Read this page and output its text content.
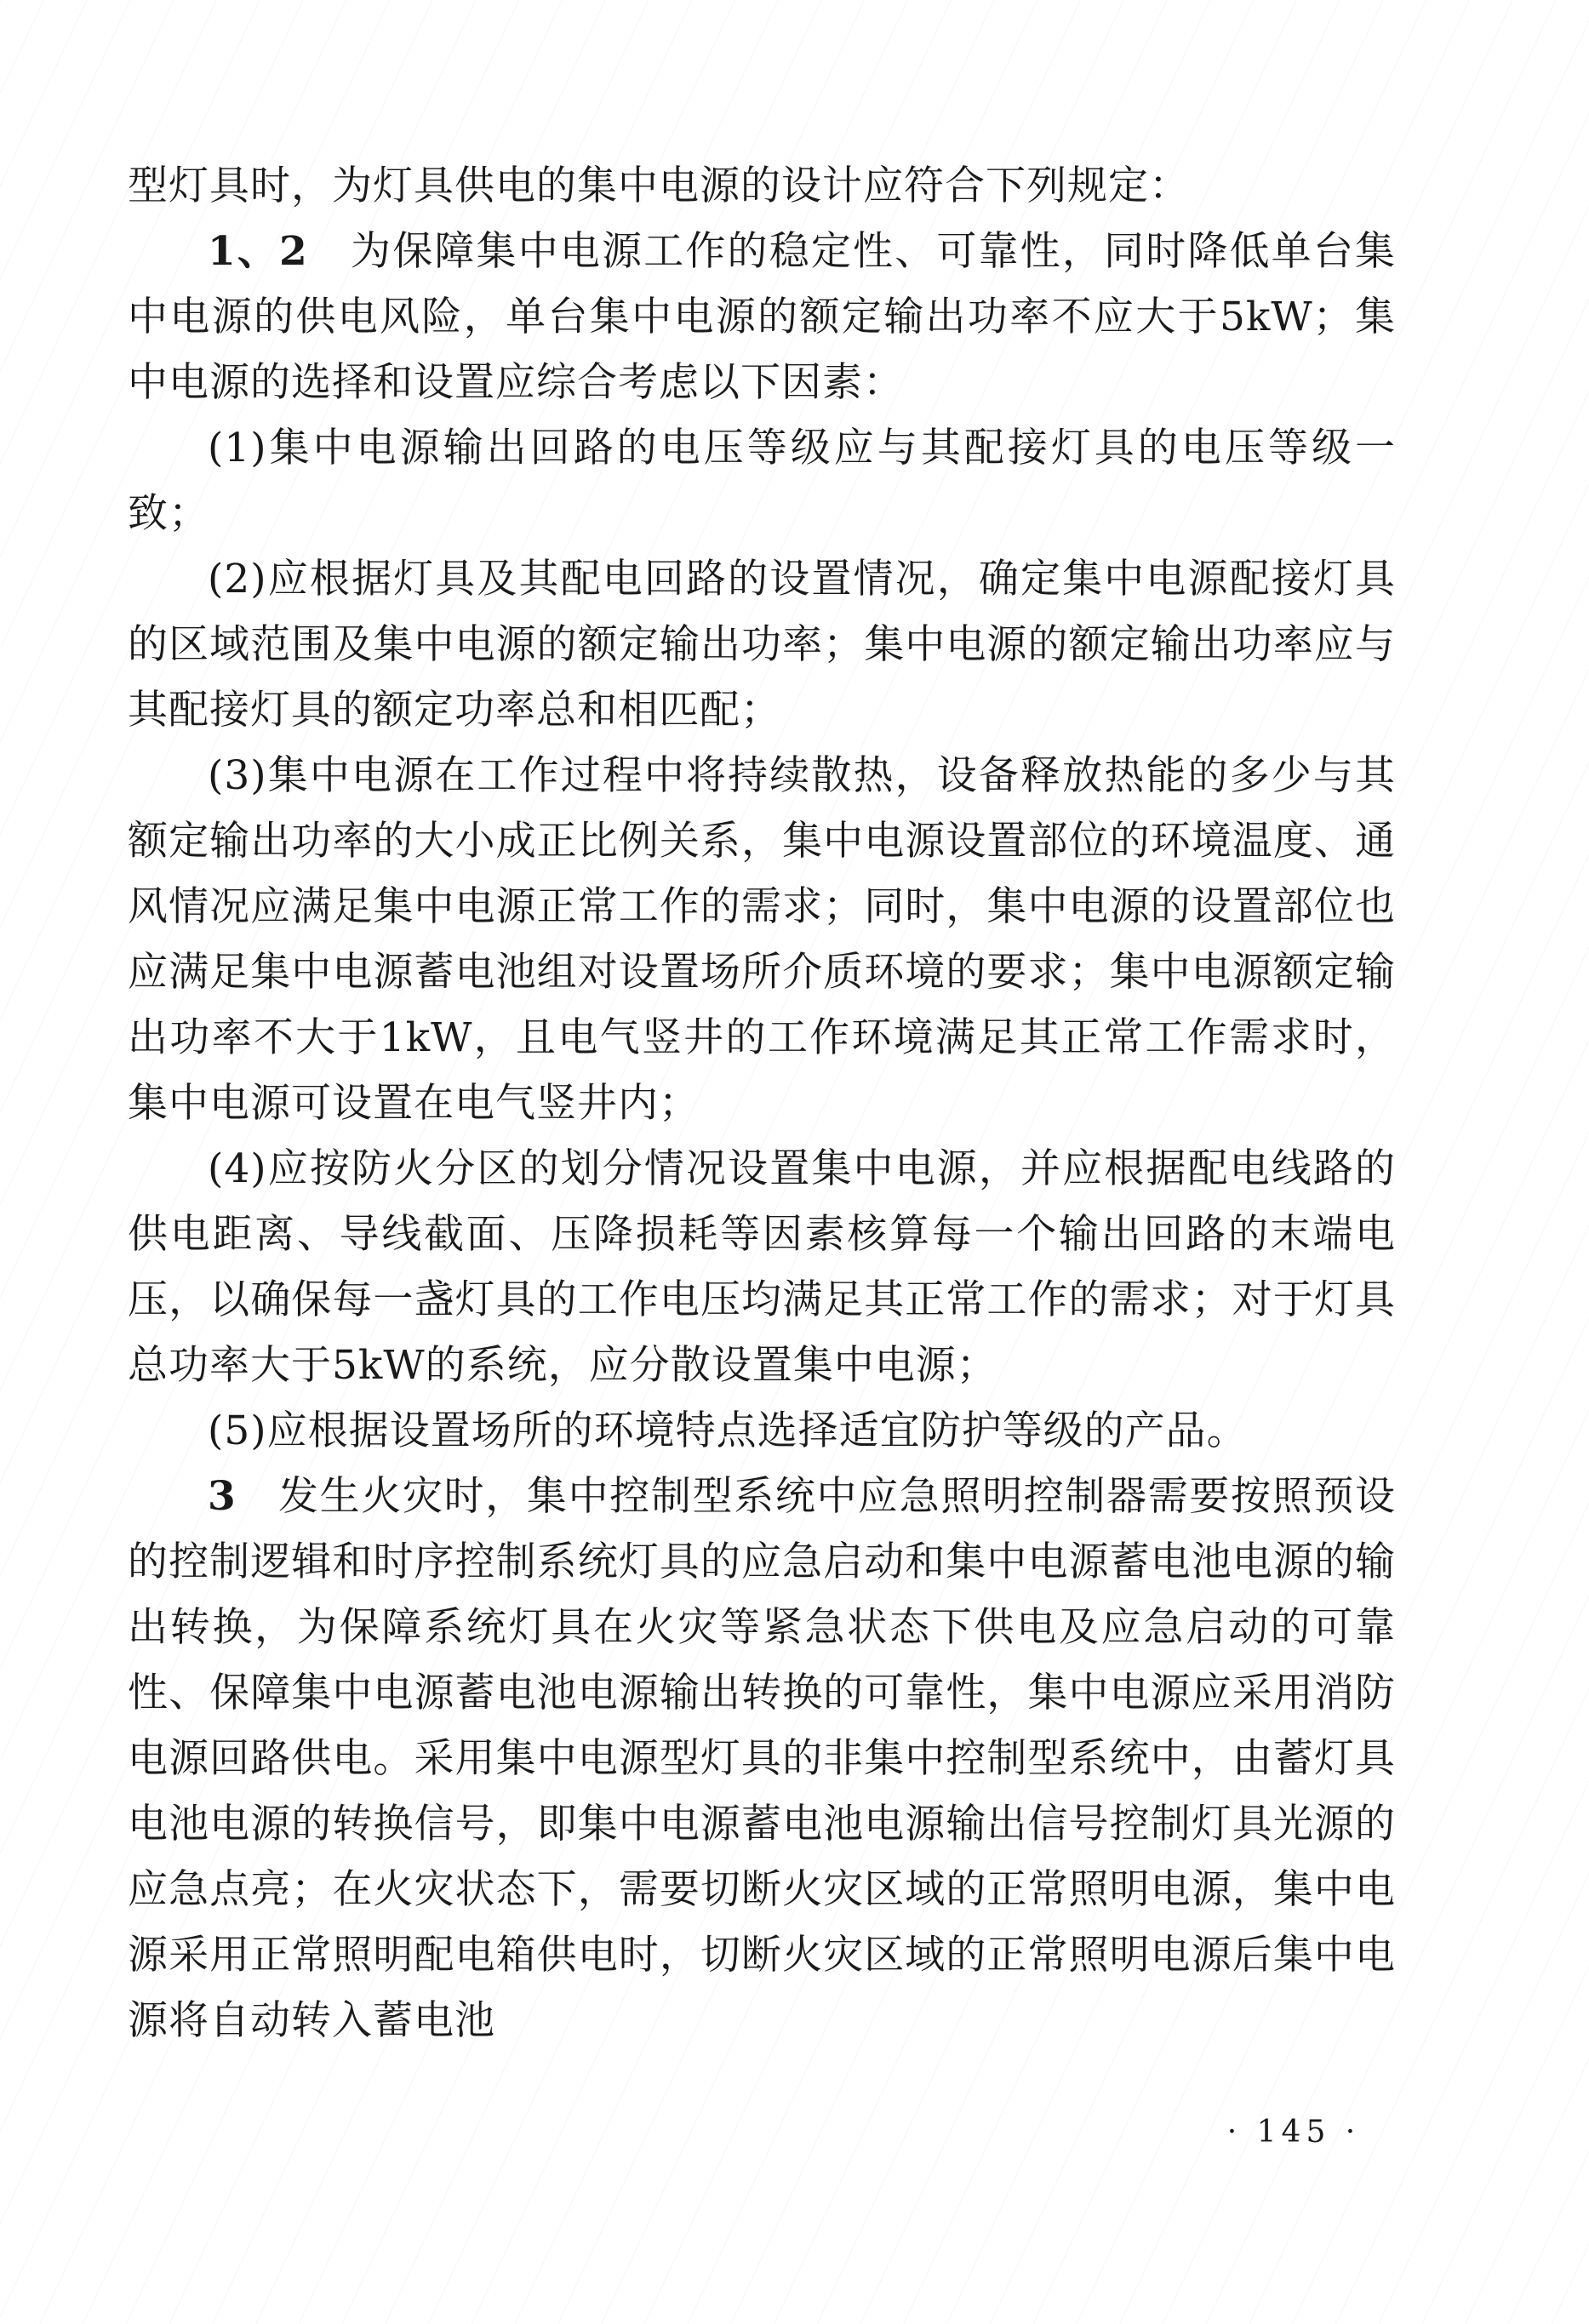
型灯具时，为灯具供电的集中电源的设计应符合下列规定：

1、2　为保障集中电源工作的稳定性、可靠性，同时降低单台集中电源的供电风险，单台集中电源的额定输出功率不应大于5kW；集中电源的选择和设置应综合考虑以下因素：

(1)集中电源输出回路的电压等级应与其配接灯具的电压等级一致；

(2)应根据灯具及其配电回路的设置情况，确定集中电源配接灯具的区域范围及集中电源的额定输出功率；集中电源的额定输出功率应与其配接灯具的额定功率总和相匹配；

(3)集中电源在工作过程中将持续散热，设备释放热能的多少与其额定输出功率的大小成正比例关系，集中电源设置部位的环境温度、通风情况应满足集中电源正常工作的需求；同时，集中电源的设置部位也应满足集中电源蓄电池组对设置场所介质环境的要求；集中电源额定输出功率不大于1kW，且电气竖井的工作环境满足其正常工作需求时，集中电源可设置在电气竖井内；

(4)应按防火分区的划分情况设置集中电源，并应根据配电线路的供电距离、导线截面、压降损耗等因素核算每一个输出回路的末端电压，以确保每一盏灯具的工作电压均满足其正常工作的需求；对于灯具总功率大于5kW的系统，应分散设置集中电源；

(5)应根据设置场所的环境特点选择适宜防护等级的产品。

3　发生火灾时，集中控制型系统中应急照明控制器需要按照预设的控制逻辑和时序控制系统灯具的应急启动和集中电源蓄电池电源的输出转换，为保障系统灯具在火灾等紧急状态下供电及应急启动的可靠性、保障集中电源蓄电池电源输出转换的可靠性，集中电源应采用消防电源回路供电。采用集中电源型灯具的非集中控制型系统中，由蓄灯具电池电源的转换信号，即集中电源蓄电池电源输出信号控制灯具光源的应急点亮；在火灾状态下，需要切断火灾区域的正常照明电源，集中电源采用正常照明配电箱供电时，切断火灾区域的正常照明电源后集中电源将自动转入蓄电池

· 145 ·
